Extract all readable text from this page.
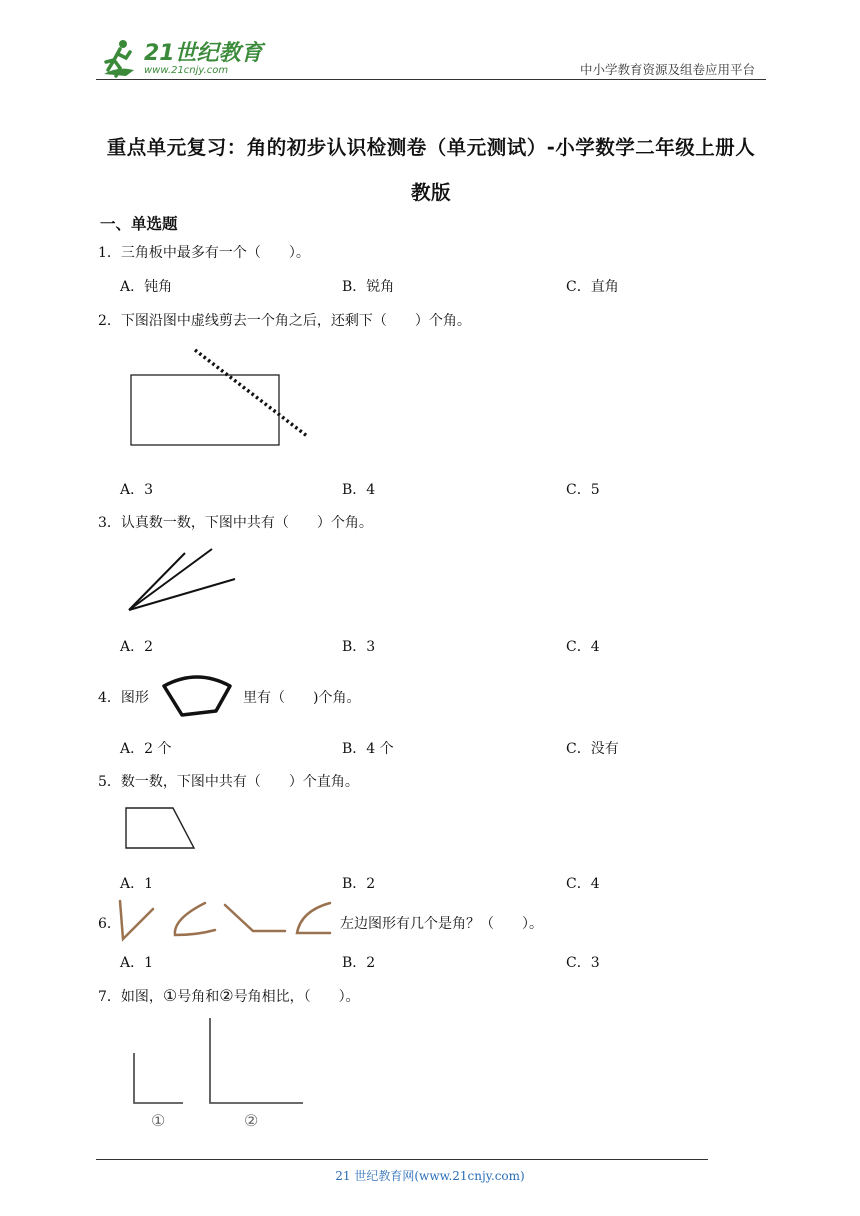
21世纪教育
www.21cnjy.com	中小学教育资源及组卷应用平台
重点单元复习：角的初步认识检测卷（单元测试）-小学数学二年级上册人
教版
一、单选题
1．三角板中最多有一个（　　）。
A．钝角	B．锐角	C．直角
2．下图沿图中虚线剪去一个角之后，还剩下（　　）个角。
A．3	B．4	C．5
3．认真数一数，下图中共有（　　）个角。
A．2	B．3	C．4
4．图形	里有（　　)个角。
A．2 个	B．4 个	C．没有
5．数一数，下图中共有（　　）个直角。
A．1	B．2	C．4
6．	左边图形有几个是角？（　　）。
A．1	B．2	C．3
7．如图，①号角和②号角相比，（　　）。
①	②
21 世纪教育网(www.21cnjy.com)
